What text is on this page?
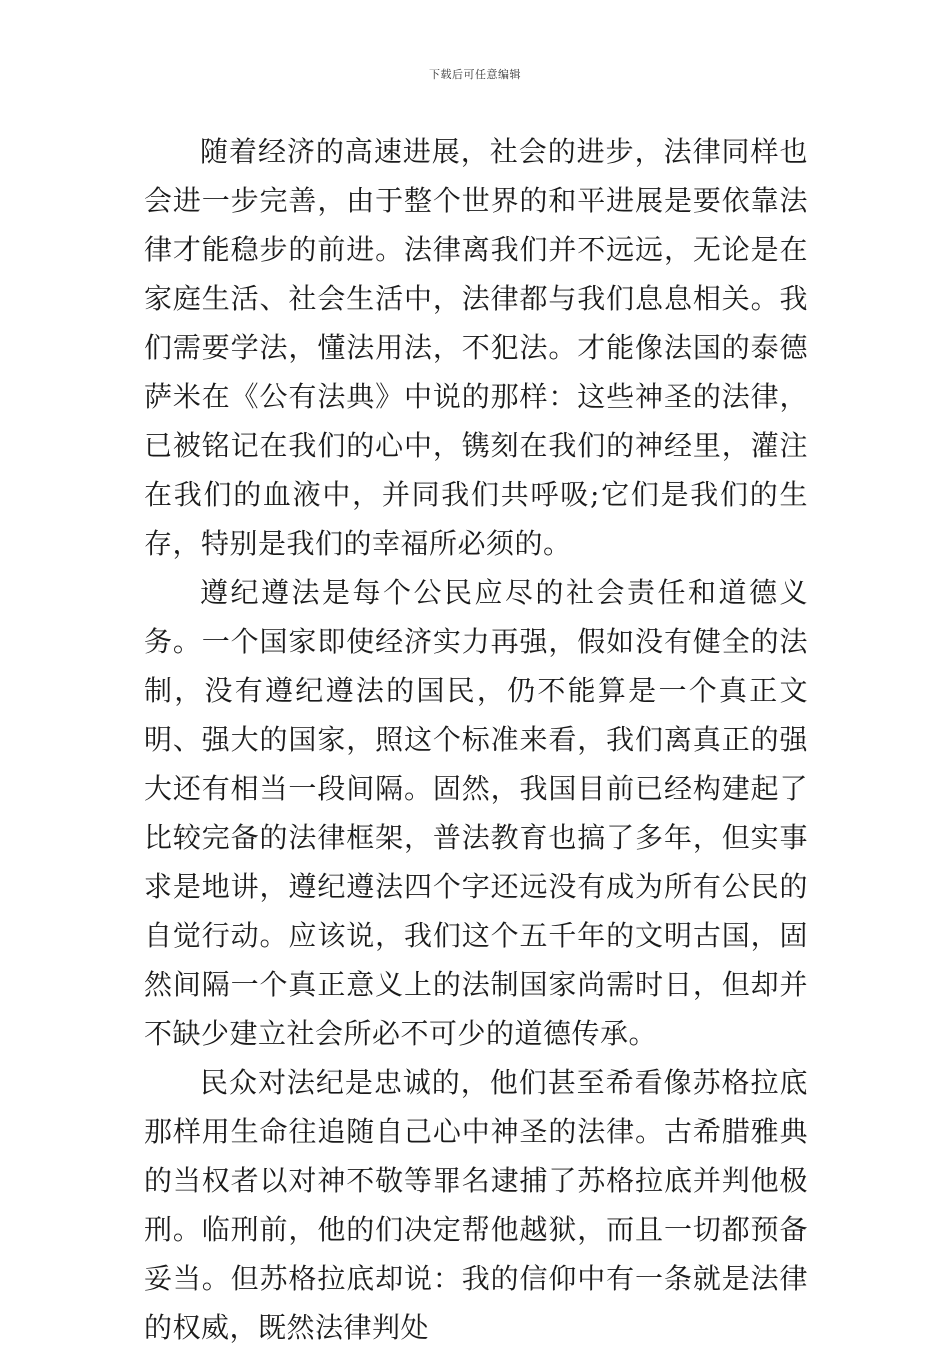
下载后可任意编辑

随着经济的高速进展，社会的进步，法律同样也会进一步完善，由于整个世界的和平进展是要依靠法律才能稳步的前进。法律离我们并不远远，无论是在家庭生活、社会生活中，法律都与我们息息相关。我们需要学法，懂法用法，不犯法。才能像法国的泰德萨米在《公有法典》中说的那样：这些神圣的法律，已被铭记在我们的心中，镌刻在我们的神经里，灌注在我们的血液中，并同我们共呼吸;它们是我们的生存，特别是我们的幸福所必须的。

遵纪遵法是每个公民应尽的社会责任和道德义务。一个国家即使经济实力再强，假如没有健全的法制，没有遵纪遵法的国民，仍不能算是一个真正文明、强大的国家，照这个标准来看，我们离真正的强大还有相当一段间隔。固然，我国目前已经构建起了比较完备的法律框架，普法教育也搞了多年，但实事求是地讲，遵纪遵法四个字还远没有成为所有公民的自觉行动。应该说，我们这个五千年的文明古国，固然间隔一个真正意义上的法制国家尚需时日，但却并不缺少建立社会所必不可少的道德传承。

民众对法纪是忠诚的，他们甚至希看像苏格拉底那样用生命往追随自己心中神圣的法律。古希腊雅典的当权者以对神不敬等罪名逮捕了苏格拉底并判他极刑。临刑前，他的们决定帮他越狱，而且一切都预备妥当。但苏格拉底却说：我的信仰中有一条就是法律的权威，既然法律判处
